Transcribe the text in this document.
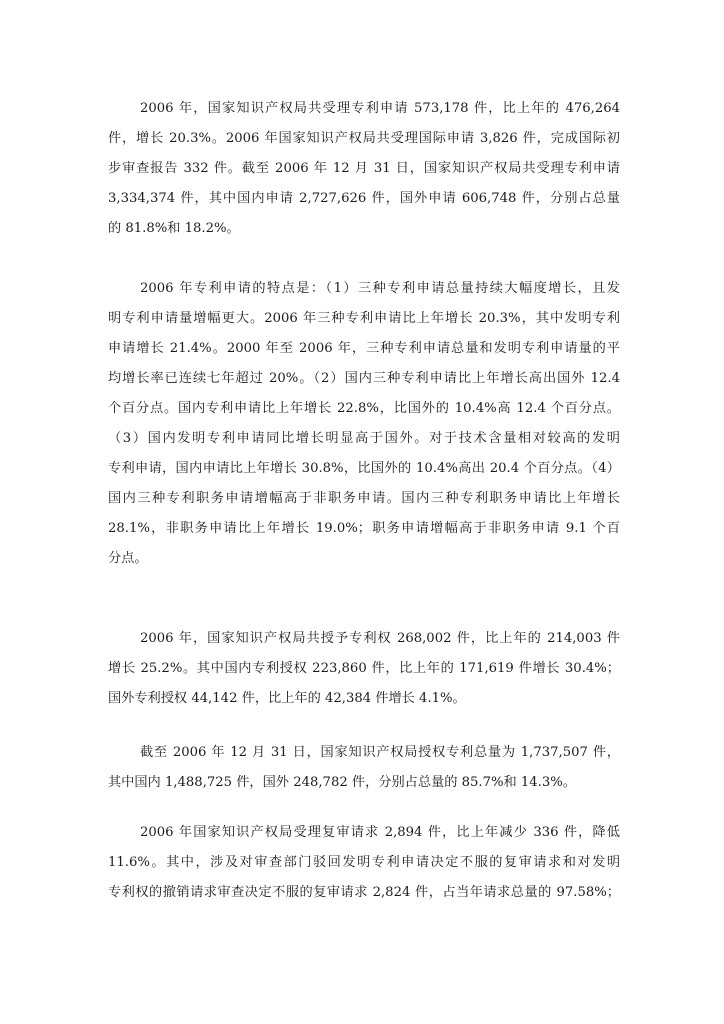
2006 年，国家知识产权局共受理专利申请 573,178 件，比上年的 476,264
件，增长 20.3%。2006 年国家知识产权局共受理国际申请 3,826 件，完成国际初
步审查报告 332 件。截至 2006 年 12 月 31 日，国家知识产权局共受理专利申请
3,334,374 件，其中国内申请 2,727,626 件，国外申请 606,748 件，分别占总量
的 81.8%和 18.2%。
2006 年专利申请的特点是：（1）三种专利申请总量持续大幅度增长，且发
明专利申请量增幅更大。2006 年三种专利申请比上年增长 20.3%，其中发明专利
申请增长 21.4%。2000 年至 2006 年，三种专利申请总量和发明专利申请量的平
均增长率已连续七年超过 20%。（2）国内三种专利申请比上年增长高出国外 12.4
个百分点。国内专利申请比上年增长 22.8%，比国外的 10.4%高 12.4 个百分点。
（3）国内发明专利申请同比增长明显高于国外。对于技术含量相对较高的发明
专利申请，国内申请比上年增长 30.8%，比国外的 10.4%高出 20.4 个百分点。（4）
国内三种专利职务申请增幅高于非职务申请。国内三种专利职务申请比上年增长
28.1%，非职务申请比上年增长 19.0%；职务申请增幅高于非职务申请 9.1 个百
分点。
2006 年，国家知识产权局共授予专利权 268,002 件，比上年的 214,003 件
增长 25.2%。其中国内专利授权 223,860 件，比上年的 171,619 件增长 30.4%；
国外专利授权 44,142 件，比上年的 42,384 件增长 4.1%。
截至 2006 年 12 月 31 日，国家知识产权局授权专利总量为 1,737,507 件，
其中国内 1,488,725 件，国外 248,782 件，分别占总量的 85.7%和 14.3%。
2006 年国家知识产权局受理复审请求 2,894 件，比上年减少 336 件，降低
11.6%。其中，涉及对审查部门驳回发明专利申请决定不服的复审请求和对发明
专利权的撤销请求审查决定不服的复审请求 2,824 件，占当年请求总量的 97.58%；
